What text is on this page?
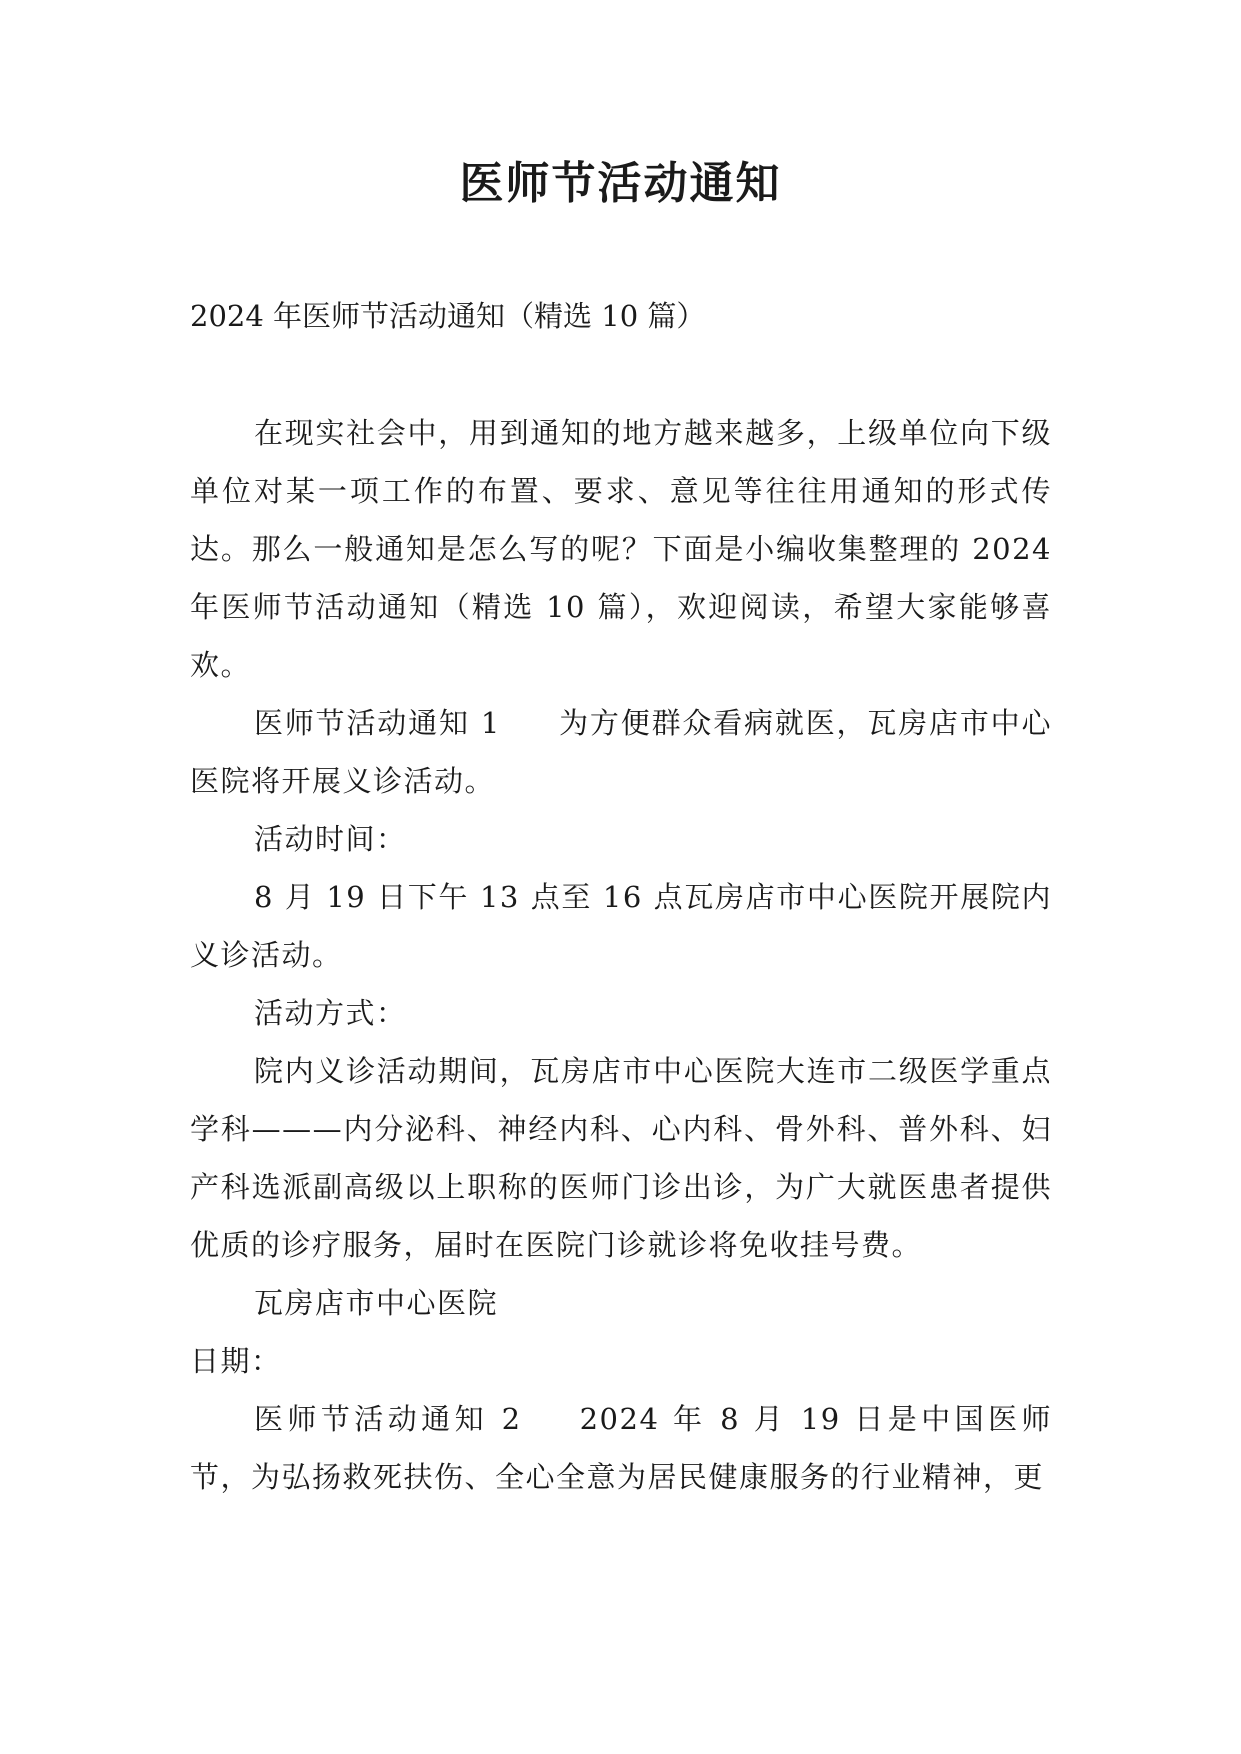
医师节活动通知

2024 年医师节活动通知（精选 10 篇）

在现实社会中，用到通知的地方越来越多，上级单位向下级单位对某一项工作的布置、要求、意见等往往用通知的形式传达。那么一般通知是怎么写的呢？下面是小编收集整理的 2024 年医师节活动通知（精选 10 篇），欢迎阅读，希望大家能够喜欢。

医师节活动通知 1 为方便群众看病就医，瓦房店市中心医院将开展义诊活动。

活动时间：

8 月 19 日下午 13 点至 16 点瓦房店市中心医院开展院内义诊活动。

活动方式：

院内义诊活动期间，瓦房店市中心医院大连市二级医学重点学科———内分泌科、神经内科、心内科、骨外科、普外科、妇产科选派副高级以上职称的医师门诊出诊，为广大就医患者提供优质的诊疗服务，届时在医院门诊就诊将免收挂号费。

瓦房店市中心医院

日期：

医师节活动通知 2 2024 年 8 月 19 日是中国医师节，为弘扬救死扶伤、全心全意为居民健康服务的行业精神，更
